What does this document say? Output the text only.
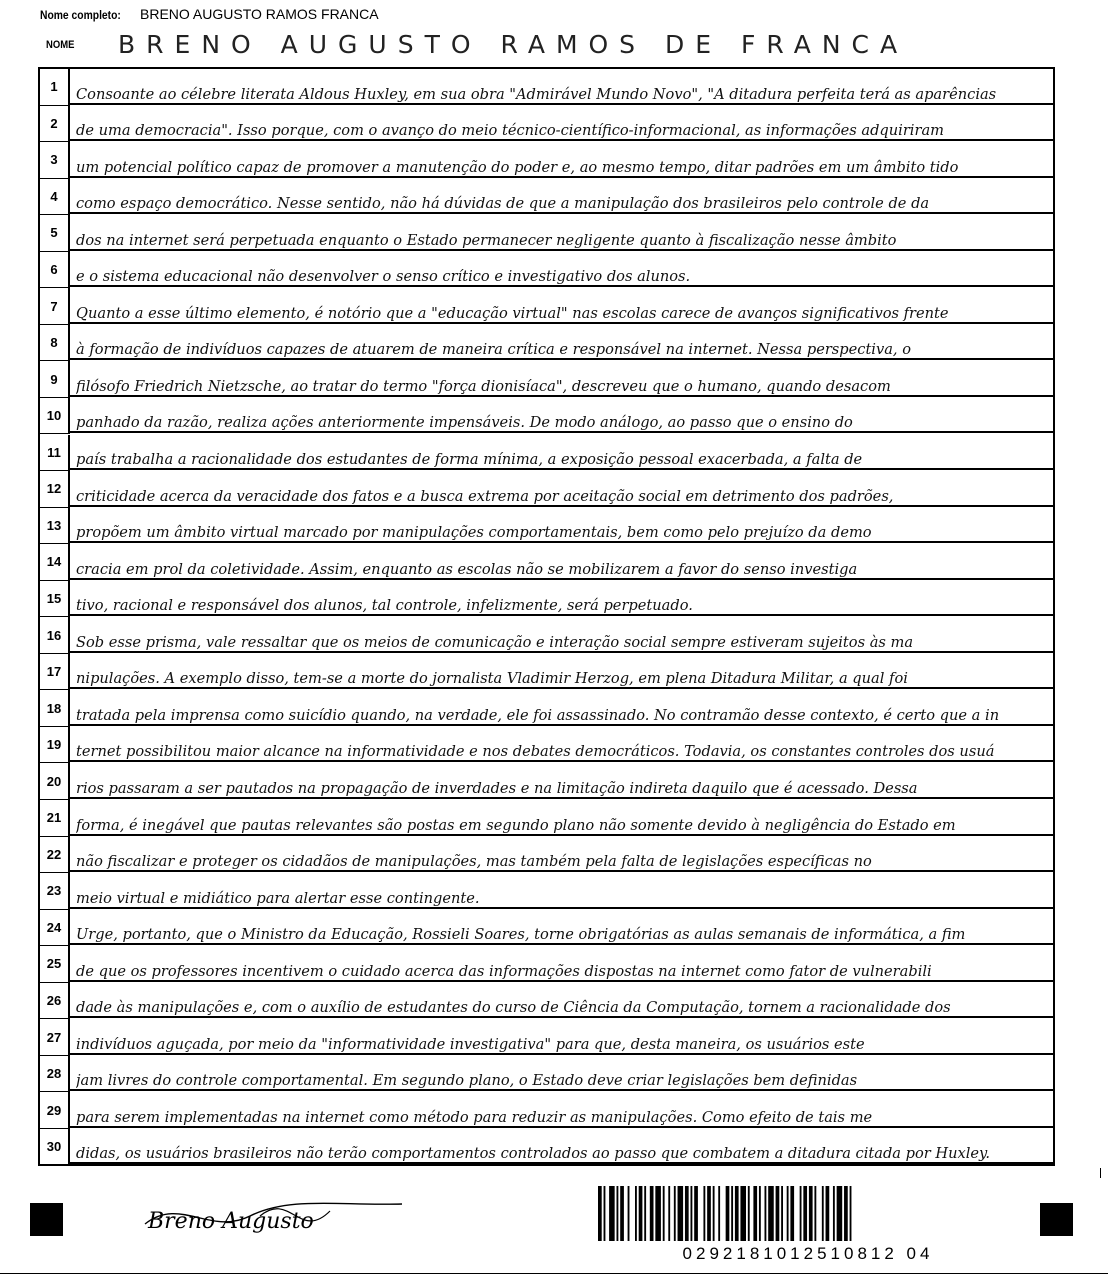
Nome completo: BRENO AUGUSTO RAMOS FRANCA
NOME	BRENO AUGUSTO RAMOS DE FRANCA
1	Consoante ao célebre literata Aldous Huxley, em sua obra "Admirável Mundo Novo", "A ditadura perfeita terá as aparências
2	de uma democracia". Isso porque, com o avanço do meio técnico-científico-informacional, as informações adquiriram
3	um potencial político capaz de promover a manutenção do poder e, ao mesmo tempo, ditar padrões em um âmbito tido
4	como espaço democrático. Nesse sentido, não há dúvidas de que a manipulação dos brasileiros pelo controle de da
5	dos na internet será perpetuada enquanto o Estado permanecer negligente quanto à fiscalização nesse âmbito
6	e o sistema educacional não desenvolver o senso crítico e investigativo dos alunos.
7	Quanto a esse último elemento, é notório que a "educação virtual" nas escolas carece de avanços significativos frente
8	à formação de indivíduos capazes de atuarem de maneira crítica e responsável na internet. Nessa perspectiva, o
9	filósofo Friedrich Nietzsche, ao tratar do termo "força dionisíaca", descreveu que o humano, quando desacom
10	panhado da razão, realiza ações anteriormente impensáveis. De modo análogo, ao passo que o ensino do
11	país trabalha a racionalidade dos estudantes de forma mínima, a exposição pessoal exacerbada, a falta de
12	criticidade acerca da veracidade dos fatos e a busca extrema por aceitação social em detrimento dos padrões,
13	propõem um âmbito virtual marcado por manipulações comportamentais, bem como pelo prejuízo da demo
14	cracia em prol da coletividade. Assim, enquanto as escolas não se mobilizarem a favor do senso investiga
15	tivo, racional e responsável dos alunos, tal controle, infelizmente, será perpetuado.
16	Sob esse prisma, vale ressaltar que os meios de comunicação e interação social sempre estiveram sujeitos às ma
17	nipulações. A exemplo disso, tem-se a morte do jornalista Vladimir Herzog, em plena Ditadura Militar, a qual foi
18	tratada pela imprensa como suicídio quando, na verdade, ele foi assassinado. No contramão desse contexto, é certo que a in
19	ternet possibilitou maior alcance na informatividade e nos debates democráticos. Todavia, os constantes controles dos usuá
20	rios passaram a ser pautados na propagação de inverdades e na limitação indireta daquilo que é acessado. Dessa
21	forma, é inegável que pautas relevantes são postas em segundo plano não somente devido à negligência do Estado em
22	não fiscalizar e proteger os cidadãos de manipulações, mas também pela falta de legislações específicas no
23	meio virtual e midiático para alertar esse contingente.
24	Urge, portanto, que o Ministro da Educação, Rossieli Soares, torne obrigatórias as aulas semanais de informática, a fim
25	de que os professores incentivem o cuidado acerca das informações dispostas na internet como fator de vulnerabili
26	dade às manipulações e, com o auxílio de estudantes do curso de Ciência da Computação, tornem a racionalidade dos
27	indivíduos aguçada, por meio da "informatividade investigativa" para que, desta maneira, os usuários este
28	jam livres do controle comportamental. Em segundo plano, o Estado deve criar legislações bem definidas
29	para serem implementadas na internet como método para reduzir as manipulações. Como efeito de tais me
30	didas, os usuários brasileiros não terão comportamentos controlados ao passo que combatem a ditadura citada por Huxley.
Breno Augusto
0292181012510812 04
